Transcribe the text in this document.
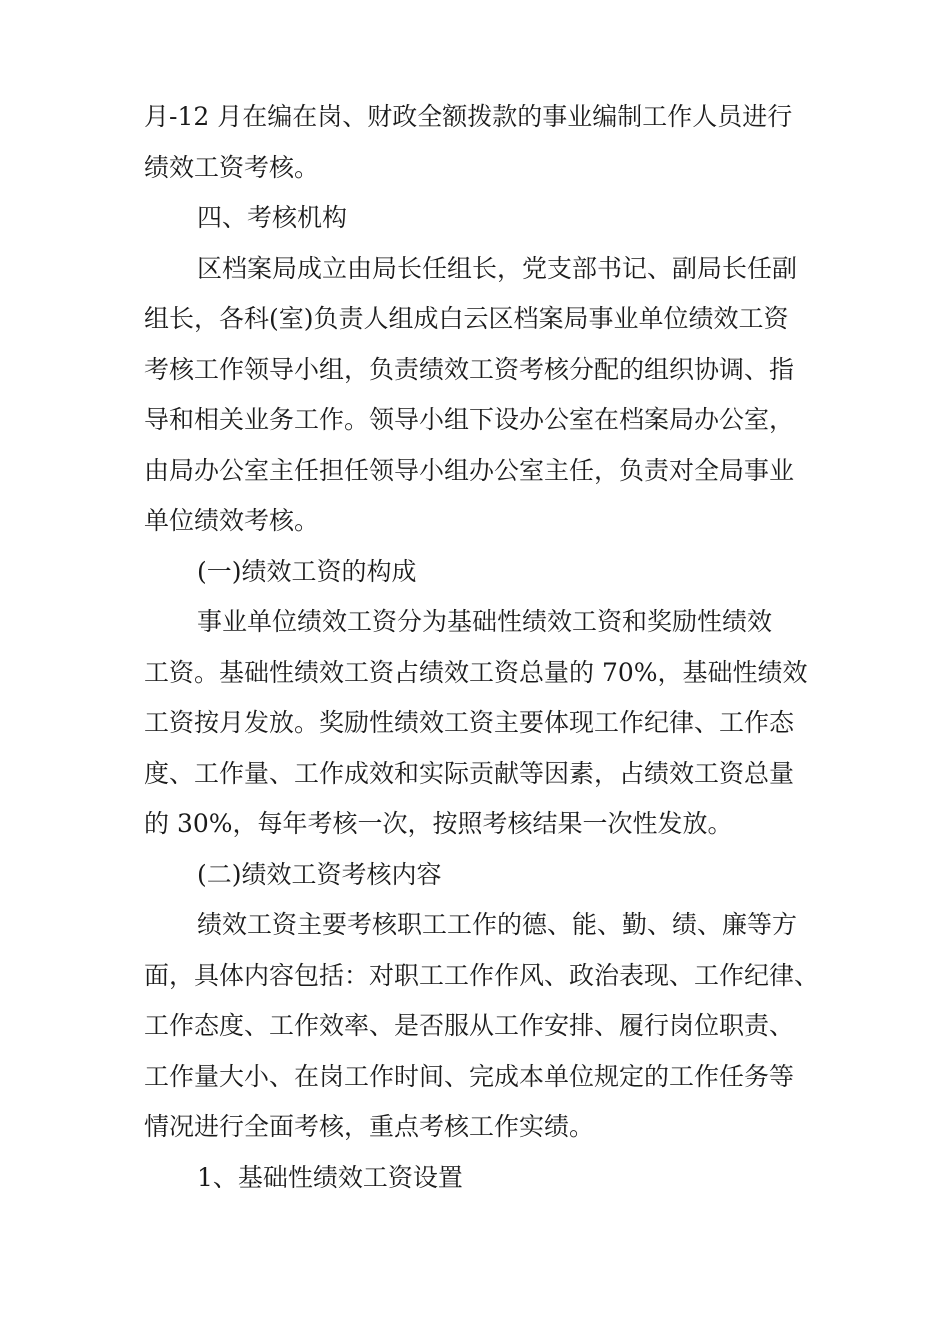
月-12 月在编在岗、财政全额拨款的事业编制工作人员进行
绩效工资考核。
四、考核机构
区档案局成立由局长任组长，党支部书记、副局长任副
组长，各科(室)负责人组成白云区档案局事业单位绩效工资
考核工作领导小组，负责绩效工资考核分配的组织协调、指
导和相关业务工作。领导小组下设办公室在档案局办公室，
由局办公室主任担任领导小组办公室主任，负责对全局事业
单位绩效考核。
(一)绩效工资的构成
事业单位绩效工资分为基础性绩效工资和奖励性绩效
工资。基础性绩效工资占绩效工资总量的 70%，基础性绩效
工资按月发放。奖励性绩效工资主要体现工作纪律、工作态
度、工作量、工作成效和实际贡献等因素，占绩效工资总量
的 30%，每年考核一次，按照考核结果一次性发放。
(二)绩效工资考核内容
绩效工资主要考核职工工作的德、能、勤、绩、廉等方
面，具体内容包括：对职工工作作风、政治表现、工作纪律、
工作态度、工作效率、是否服从工作安排、履行岗位职责、
工作量大小、在岗工作时间、完成本单位规定的工作任务等
情况进行全面考核，重点考核工作实绩。
1、基础性绩效工资设置
